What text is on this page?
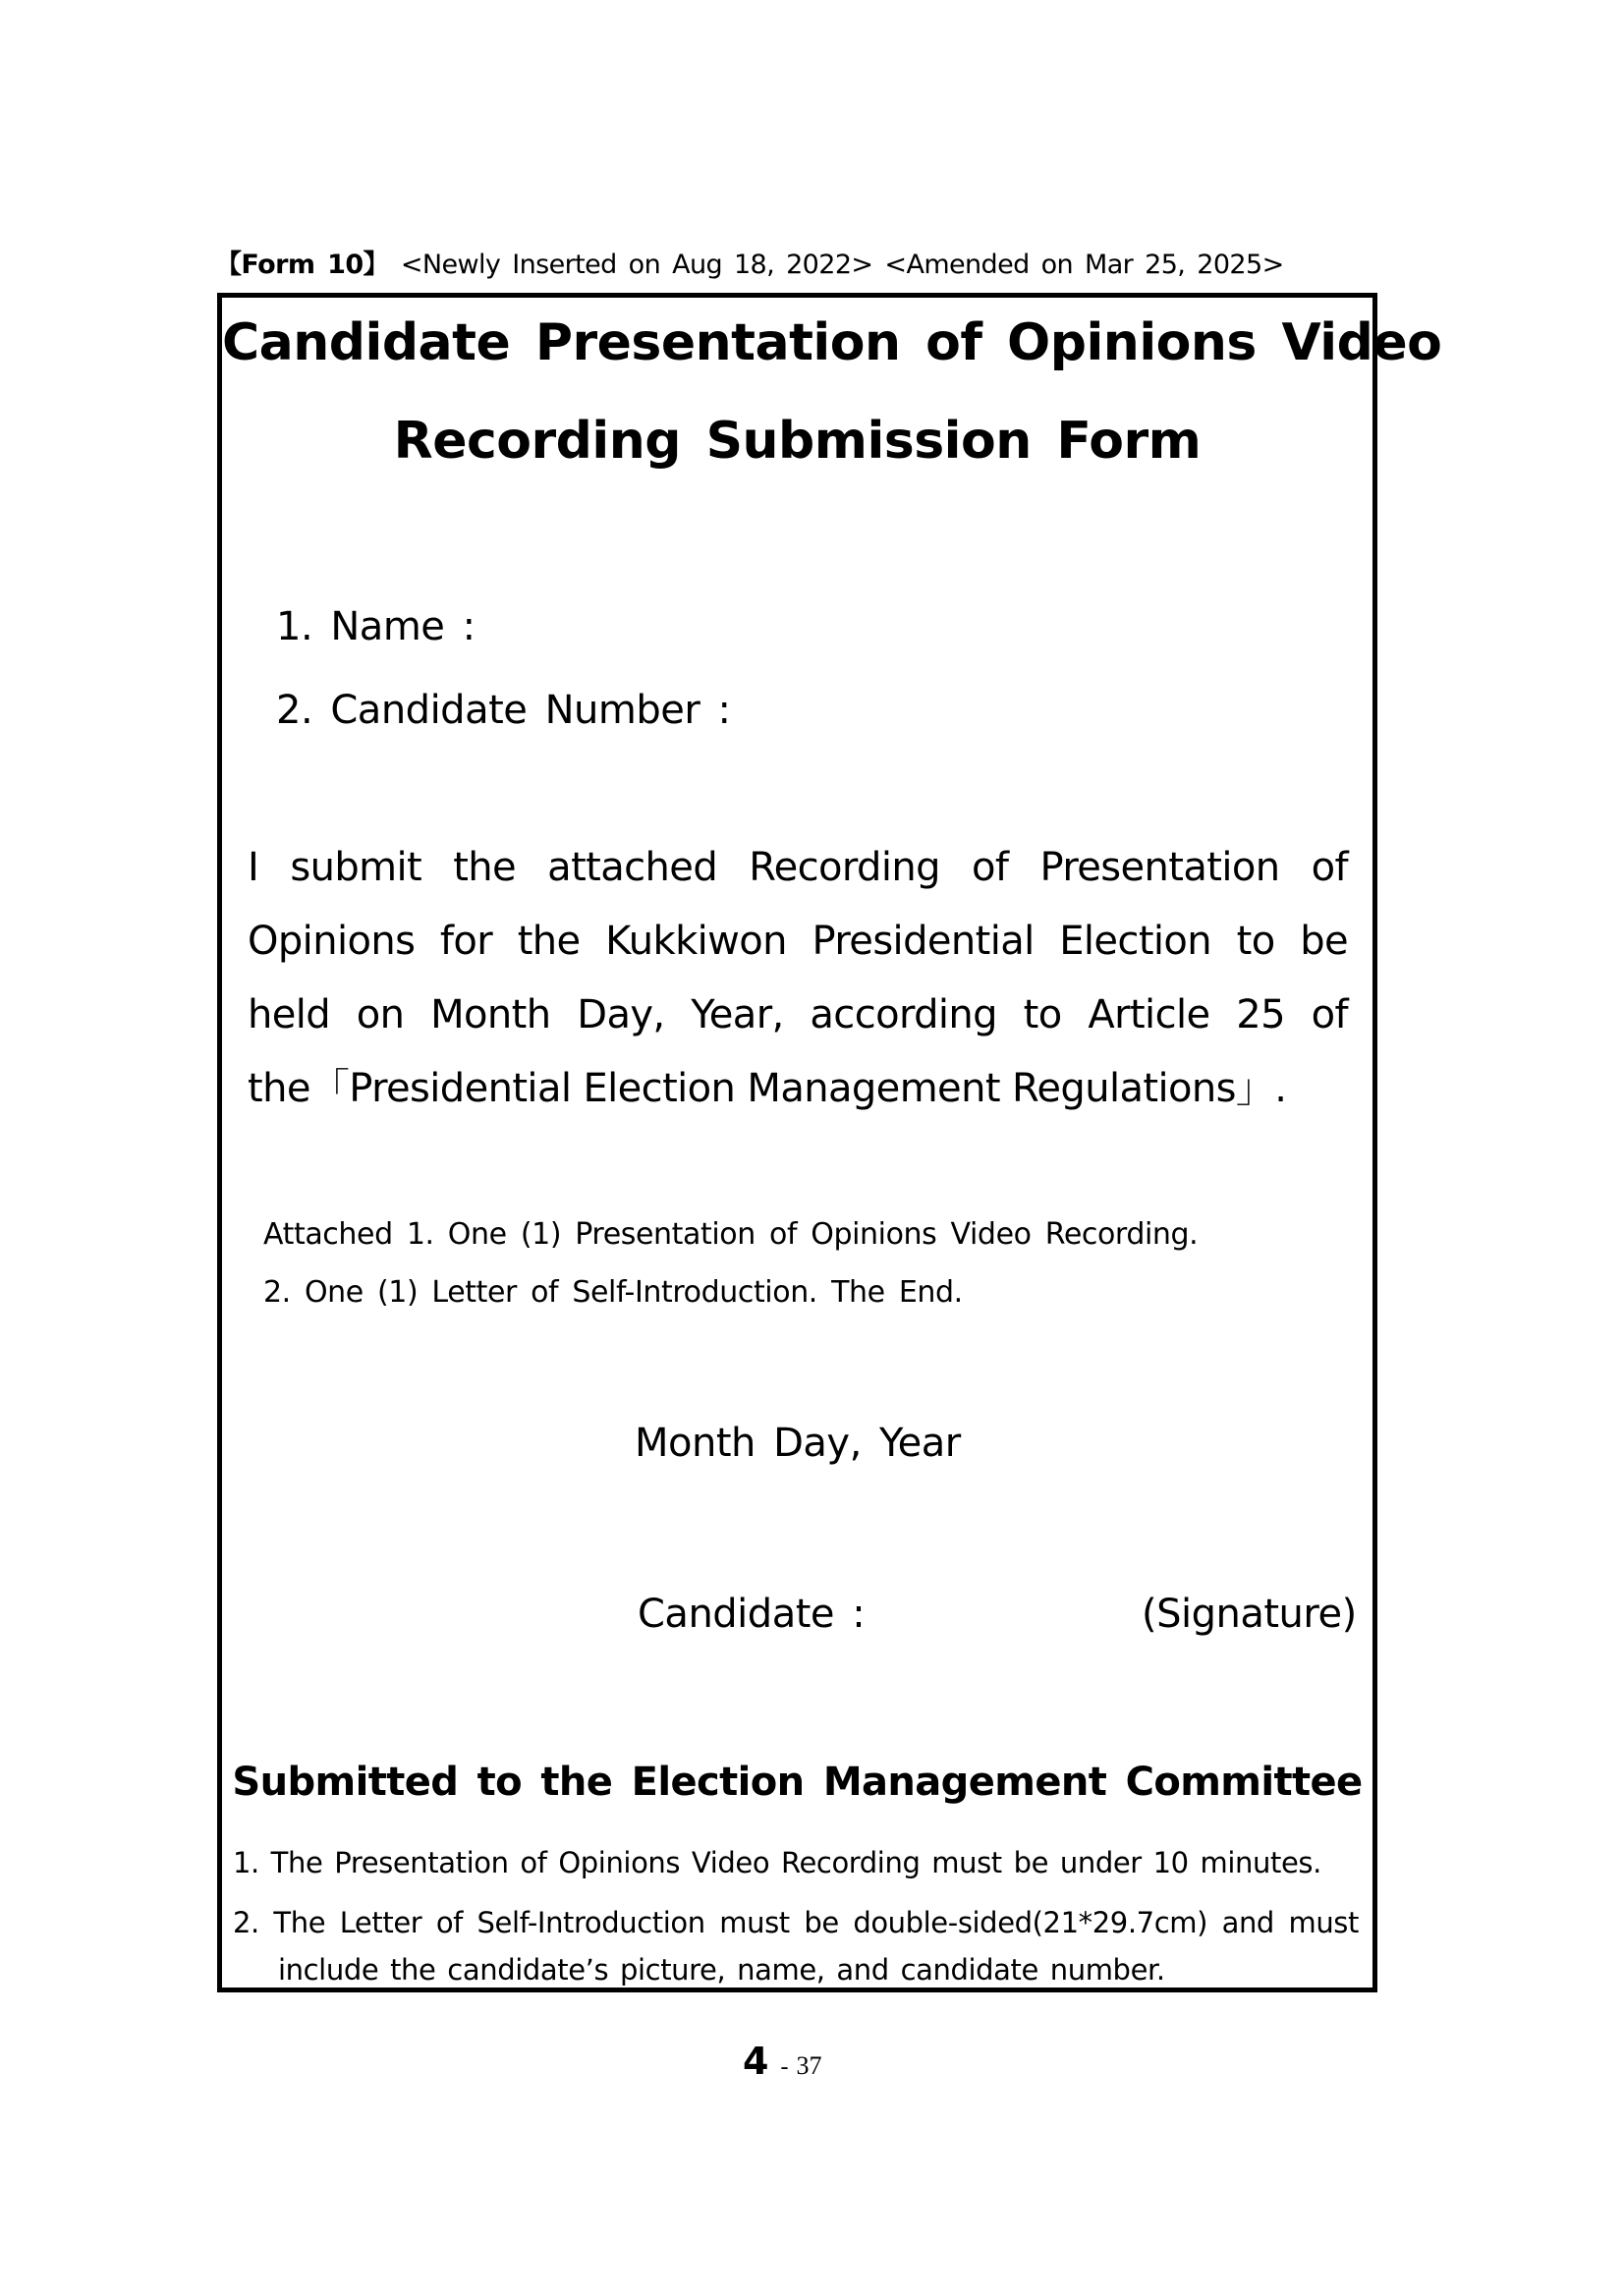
【Form 10】 <Newly Inserted on Aug 18, 2022> <Amended on Mar 25, 2025>
Candidate Presentation of Opinions Video
Recording Submission Form
1. Name :
2. Candidate Number :
I submit the attached Recording of Presentation of
Opinions for the Kukkiwon Presidential Election to be
held on Month Day, Year, according to Article 25 of
the「Presidential Election Management Regulations」.
Attached 1. One (1) Presentation of Opinions Video Recording.
2. One (1) Letter of Self-Introduction. The End.
Month Day, Year
Candidate :	(Signature)
Submitted to the Election Management Committee
1. The Presentation of Opinions Video Recording must be under 10 minutes.
2. The Letter of Self-Introduction must be double-sided(21*29.7cm) and must
include the candidate’s picture, name, and candidate number.
4 - 37
